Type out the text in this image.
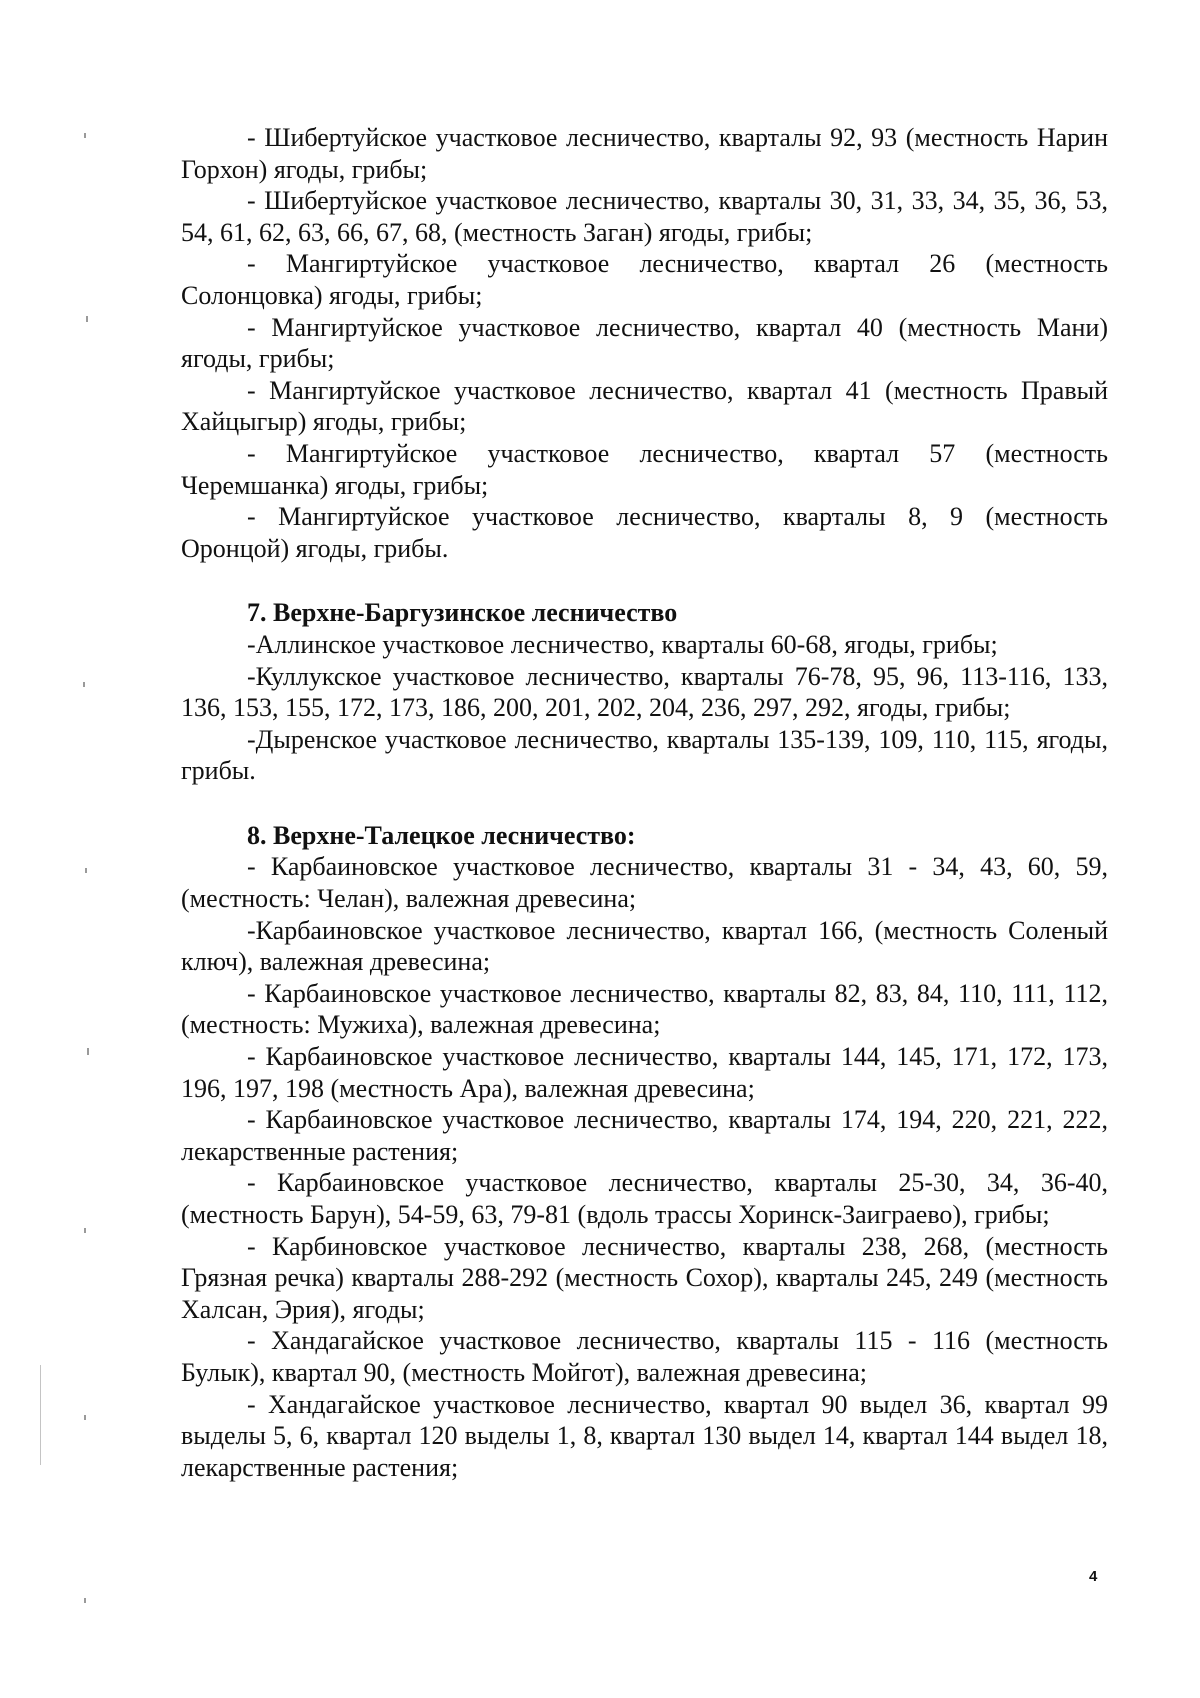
- Шибертуйское участковое лесничество, кварталы 92, 93 (местность Нарин Горхон) ягоды, грибы;

- Шибертуйское участковое лесничество, кварталы 30, 31, 33, 34, 35, 36, 53, 54, 61, 62, 63, 66, 67, 68, (местность Заган) ягоды, грибы;

- Мангиртуйское участковое лесничество, квартал 26 (местность Солонцовка) ягоды, грибы;

- Мангиртуйское участковое лесничество, квартал 40 (местность Мани) ягоды, грибы;

- Мангиртуйское участковое лесничество, квартал 41 (местность Правый Хайцыгыр) ягоды, грибы;

- Мангиртуйское участковое лесничество, квартал 57 (местность Черемшанка) ягоды, грибы;

- Мангиртуйское участковое лесничество, кварталы 8, 9 (местность Оронцой) ягоды, грибы.

7. Верхне-Баргузинское лесничество

-Аллинское участковое лесничество, кварталы 60-68, ягоды, грибы;

-Куллукское участковое лесничество, кварталы 76-78, 95, 96, 113-116, 133, 136, 153, 155, 172, 173, 186, 200, 201, 202, 204, 236, 297, 292, ягоды, грибы;

-Дыренское участковое лесничество, кварталы 135-139, 109, 110, 115, ягоды, грибы.

8. Верхне-Талецкое лесничество:

- Карбаиновское участковое лесничество, кварталы 31 - 34, 43, 60, 59, (местность: Челан), валежная древесина;

-Карбаиновское участковое лесничество, квартал 166, (местность Соленый ключ), валежная древесина;

- Карбаиновское участковое лесничество, кварталы 82, 83, 84, 110, 111, 112, (местность: Мужиха), валежная древесина;

- Карбаиновское участковое лесничество, кварталы 144, 145, 171, 172, 173, 196, 197, 198 (местность Ара), валежная древесина;

- Карбаиновское участковое лесничество, кварталы 174, 194, 220, 221, 222, лекарственные растения;

- Карбаиновское участковое лесничество, кварталы 25-30, 34, 36-40, (местность Барун), 54-59, 63, 79-81 (вдоль трассы Хоринск-Заиграево), грибы;

- Карбиновское участковое лесничество, кварталы 238, 268, (местность Грязная речка) кварталы 288-292 (местность Сохор), кварталы 245, 249 (местность Халсан, Эрия), ягоды;

- Хандагайское участковое лесничество, кварталы 115 - 116 (местность Булык), квартал 90, (местность Мойгот), валежная древесина;

- Хандагайское участковое лесничество, квартал 90 выдел 36, квартал 99 выделы 5, 6, квартал 120 выделы 1, 8, квартал 130 выдел 14, квартал 144 выдел 18, лекарственные растения;

4
